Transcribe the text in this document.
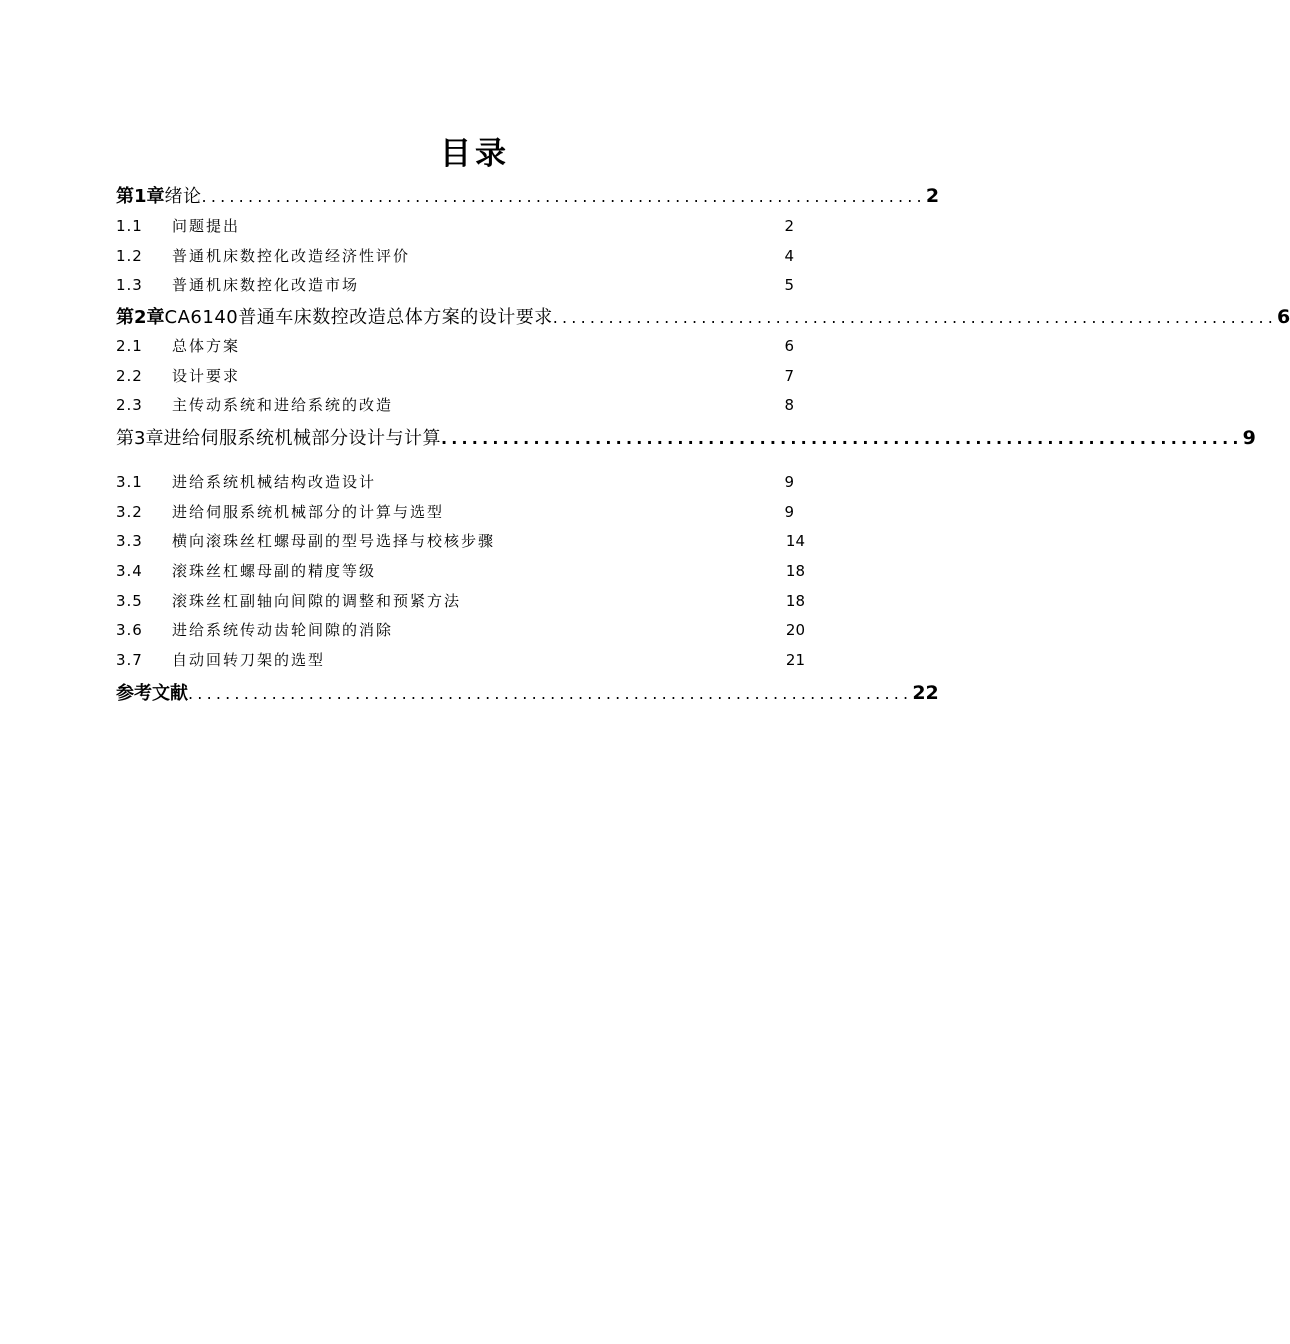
目录
第1章 绪论 .............................................................................. 2
1.1	问题提出	2
1.2	普通机床数控化改造经济性评价	4
1.3	普通机床数控化改造市场	5
第2章 CA6140普通车床数控改造总体方案的设计要求 .............................................................................. 6
2.1	总体方案	6
2.2	设计要求	7
2.3	主传动系统和进给系统的改造	8
第3章 进给伺服系统机械部分设计与计算 .............................................................................. 9
3.1	进给系统机械结构改造设计	9
3.2	进给伺服系统机械部分的计算与选型	9
3.3	横向滚珠丝杠螺母副的型号选择与校核步骤	14
3.4	滚珠丝杠螺母副的精度等级	18
3.5	滚珠丝杠副轴向间隙的调整和预紧方法	18
3.6	进给系统传动齿轮间隙的消除	20
3.7	自动回转刀架的选型	21
参考文献 .............................................................................. 22
